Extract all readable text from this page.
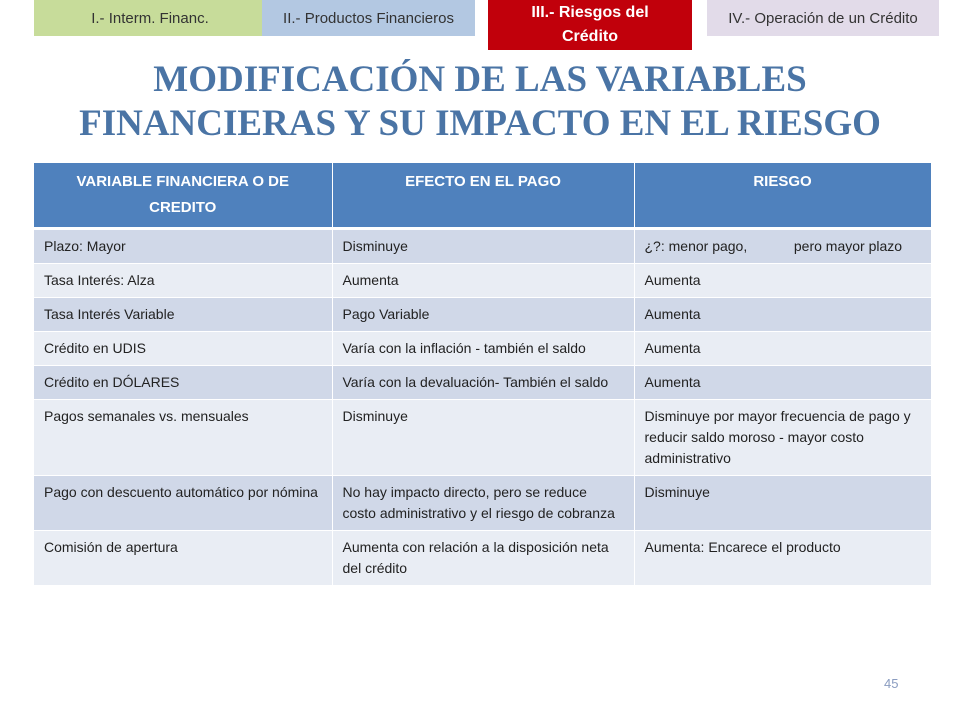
I.- Interm. Financ.	II.- Productos Financieros	III.- Riesgos del Crédito
IV.- Operación de un Crédito
MODIFICACIÓN DE LAS VARIABLES
FINANCIERAS Y SU IMPACTO EN EL RIESGO
VARIABLE FINANCIERA O DE CREDITO	EFECTO EN EL PAGO	RIESGO
Plazo: Mayor	Disminuye	¿?: menor pago,            pero mayor plazo
Tasa Interés: Alza	Aumenta	Aumenta
Tasa Interés Variable	Pago Variable	Aumenta
Crédito en UDIS	Varía con la inflación - también el saldo	Aumenta
Crédito en DÓLARES	Varía con la devaluación- También el saldo	Aumenta
Pagos semanales vs. mensuales	Disminuye	Disminuye por mayor frecuencia de pago y reducir saldo moroso - mayor costo administrativo
Pago con descuento automático por nómina	No hay impacto directo, pero se reduce costo administrativo y el riesgo de cobranza	Disminuye
Comisión de apertura	Aumenta con relación a la disposición neta del crédito	Aumenta: Encarece el producto
45
